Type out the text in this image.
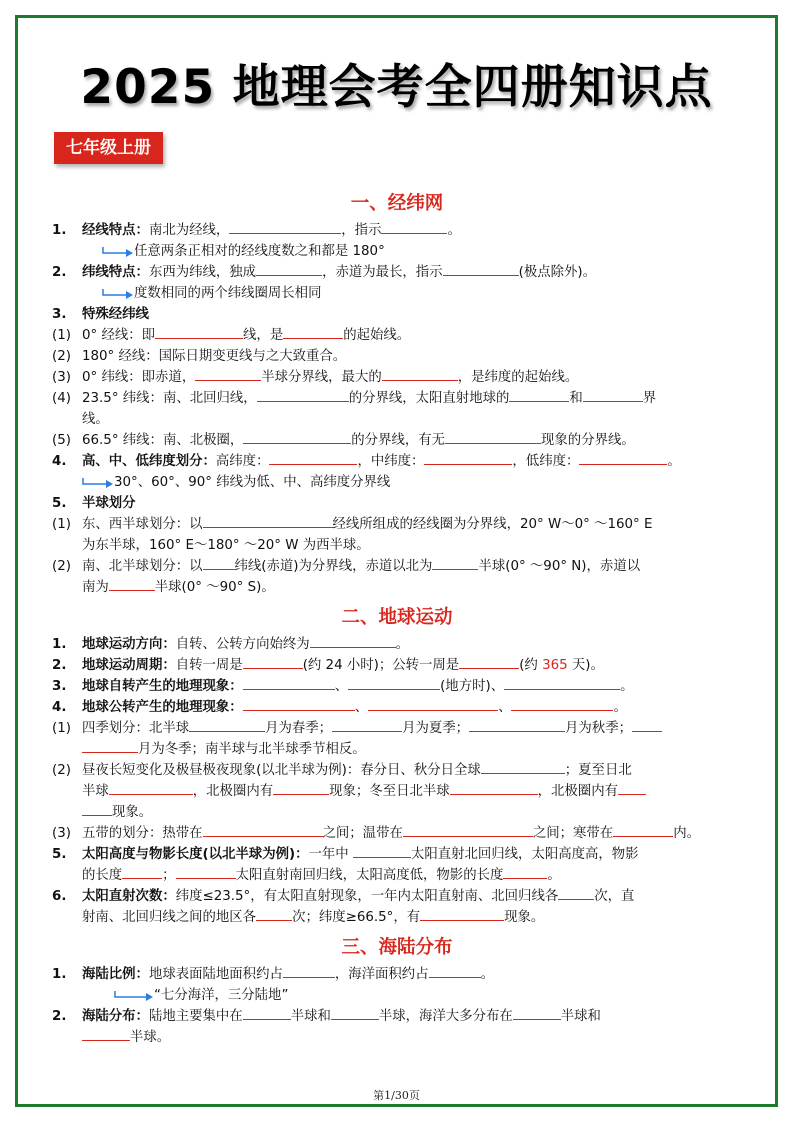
2025 地理会考全四册知识点
七年级上册
一、经纬网
1.	经线特点：南北为经线，	，指示	。
任意两条正相对的经线度数之和都是 180°
2.	纬线特点：东西为纬线，独成	，赤道为最长，指示	(极点除外)。
度数相同的两个纬线圈周长相同
3.	特殊经纬线
(1) 0° 经线：即	线，是	的起始线。
(2) 180° 经线：国际日期变更线与之大致重合。
(3) 0° 纬线：即赤道，	半球分界线，最大的	，是纬度的起始线。
(4) 23.5° 纬线：南、北回归线，	的分界线，太阳直射地球的	和	界
线。
(5) 66.5° 纬线：南、北极圈，	的分界线，有无	现象的分界线。
4.	高、中、低纬度划分：高纬度：	，中纬度：	，低纬度：	。
30°、60°、90° 纬线为低、中、高纬度分界线
5.	半球划分
(1) 东、西半球划分：以	经线所组成的经线圈为分界线，20° W～0° ～160° E
为东半球，160° E～180° ～20° W 为西半球。
(2) 南、北半球划分：以 纬线(赤道)为分界线，赤道以北为	半球(0° ～90° N)，赤道以
南为	半球(0° ～90° S)。
二、地球运动
1.	地球运动方向：自转、公转方向始终为	。
2.	地球运动周期：自转一周是	(约 24 小时)；公转一周是	(约 365 天)。
3.	地球自转产生的地理现象：	、	(地方时)、	。
4.	地球公转产生的地理现象：	、	、	。
(1) 四季划分：北半球	月为春季；	月为夏季；	月为秋季；
月为冬季；南半球与北半球季节相反。
(2) 昼夜长短变化及极昼极夜现象(以北半球为例)：春分日、秋分日全球	；夏至日北
半球	，北极圈内有	现象；冬至日北半球	，北极圈内有
现象。
(3) 五带的划分：热带在	之间；温带在	之间；寒带在	内。
5.	太阳高度与物影长度(以北半球为例)：一年中	太阳直射北回归线，太阳高度高，物影
的长度	；	太阳直射南回归线，太阳高度低，物影的长度	。
6.	太阳直射次数：纬度≤23.5°，有太阳直射现象，一年内太阳直射南、北回归线各	次，直
射南、北回归线之间的地区各	次；纬度≥66.5°，有	现象。
三、海陆分布
1.	海陆比例：地球表面陆地面积约占	，海洋面积约占	。
“七分海洋，三分陆地”
2.	海陆分布：陆地主要集中在	半球和	半球，海洋大多分布在	半球和
半球。
第1/30页
